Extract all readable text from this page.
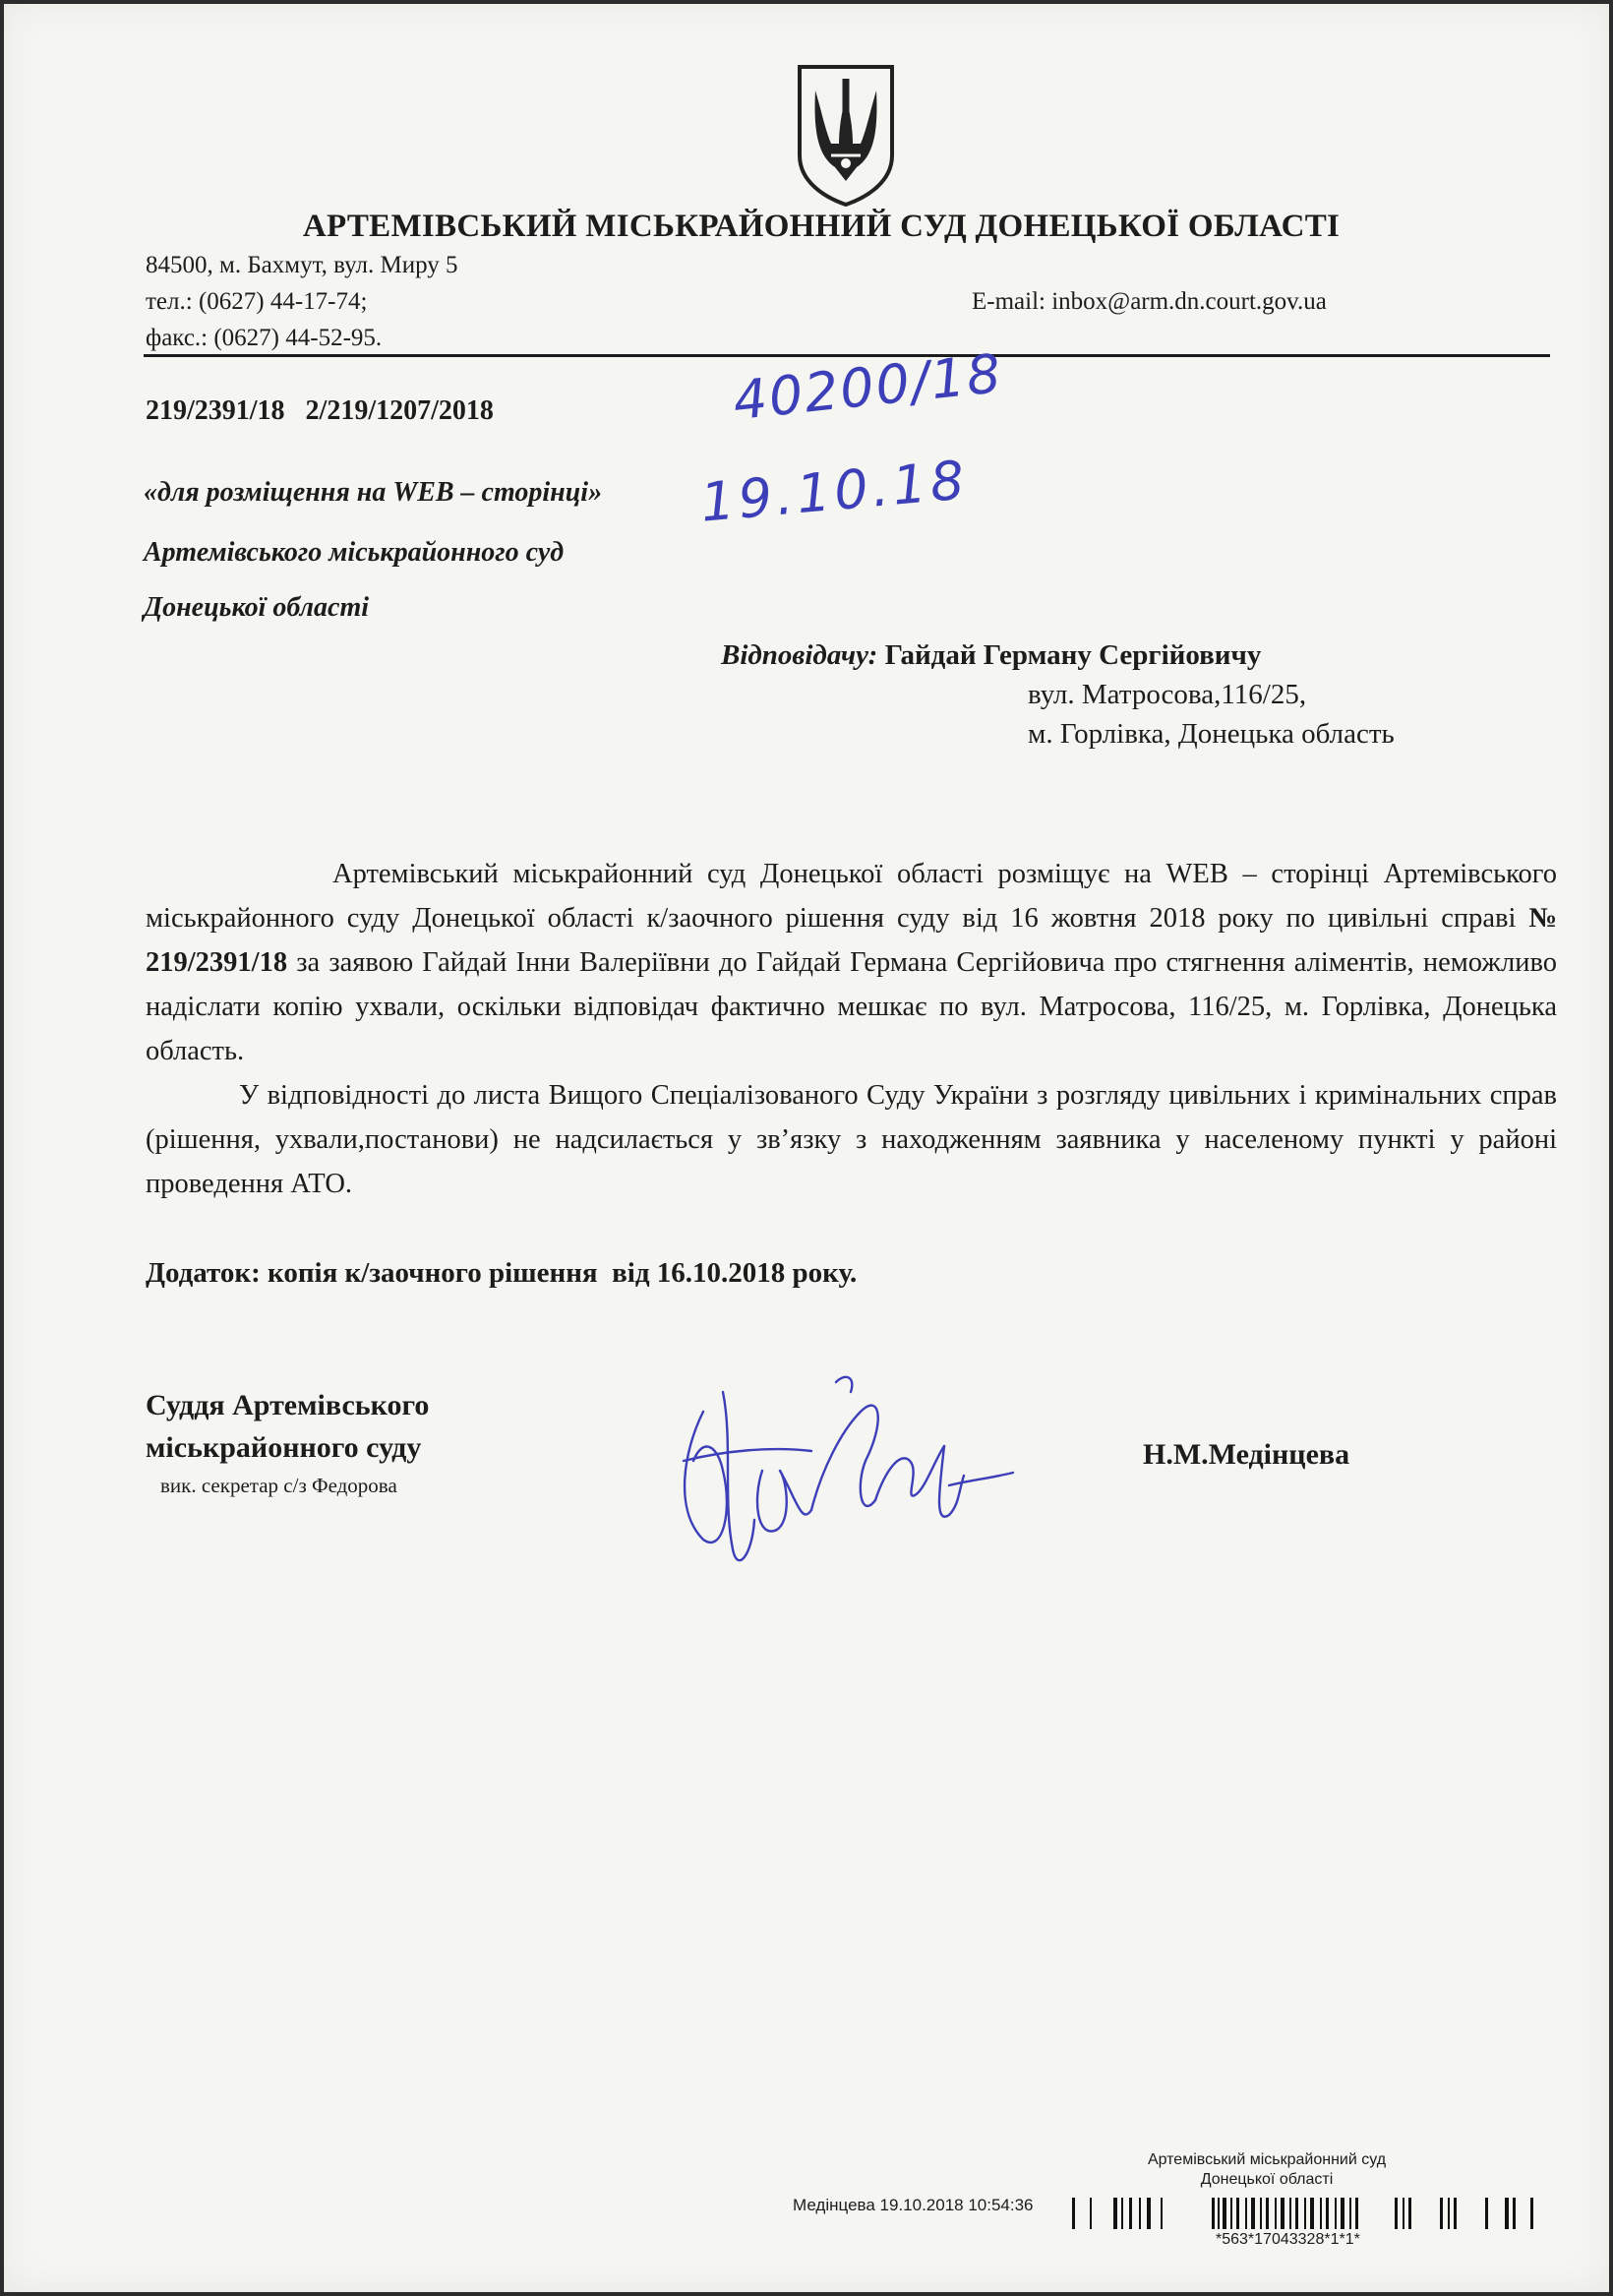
АРТЕМІВСЬКИЙ МІСЬКРАЙОННИЙ СУД ДОНЕЦЬКОЇ ОБЛАСТІ
84500, м. Бахмут, вул. Миру 5
тел.: (0627) 44-17-74;
факс.: (0627) 44-52-95.
E-mail: inbox@arm.dn.court.gov.ua
219/2391/18   2/219/1207/2018	40200/18
19.10.18
«для розміщення на WEB – сторінці»
Артемівського міськрайонного суд
Донецької області
Відповідачу: Гайдай Герману Сергійовичу
вул. Матросова,116/25,
м. Горлівка, Донецька область

Артемівський міськрайонний суд Донецької області розміщує на WEB – сторінці Артемівського міськрайонного суду Донецької області к/заочного рішення суду від 16 жовтня 2018 року по цивільні справі № 219/2391/18 за заявою Гайдай Інни Валеріївни до Гайдай Германа Сергійовича про стягнення аліментів, неможливо надіслати копію ухвали, оскільки відповідач фактично мешкає по вул. Матросова, 116/25, м. Горлівка, Донецька область.

У відповідності до листа Вищого Спеціалізованого Суду України з розгляду цивільних і кримінальних справ (рішення, ухвали,постанови) не надсилається у зв’язку з находженням заявника у населеному пункті у районі проведення АТО.

Додаток: копія к/заочного рішення  від 16.10.2018 року.
Суддя Артемівського
міськрайонного суду
вик. секретар с/з Федорова
Н.М.Медінцева
Артемівський міськрайонний суд
Донецької області
Медінцева 19.10.2018 10:54:36
*563*17043328*1*1*
